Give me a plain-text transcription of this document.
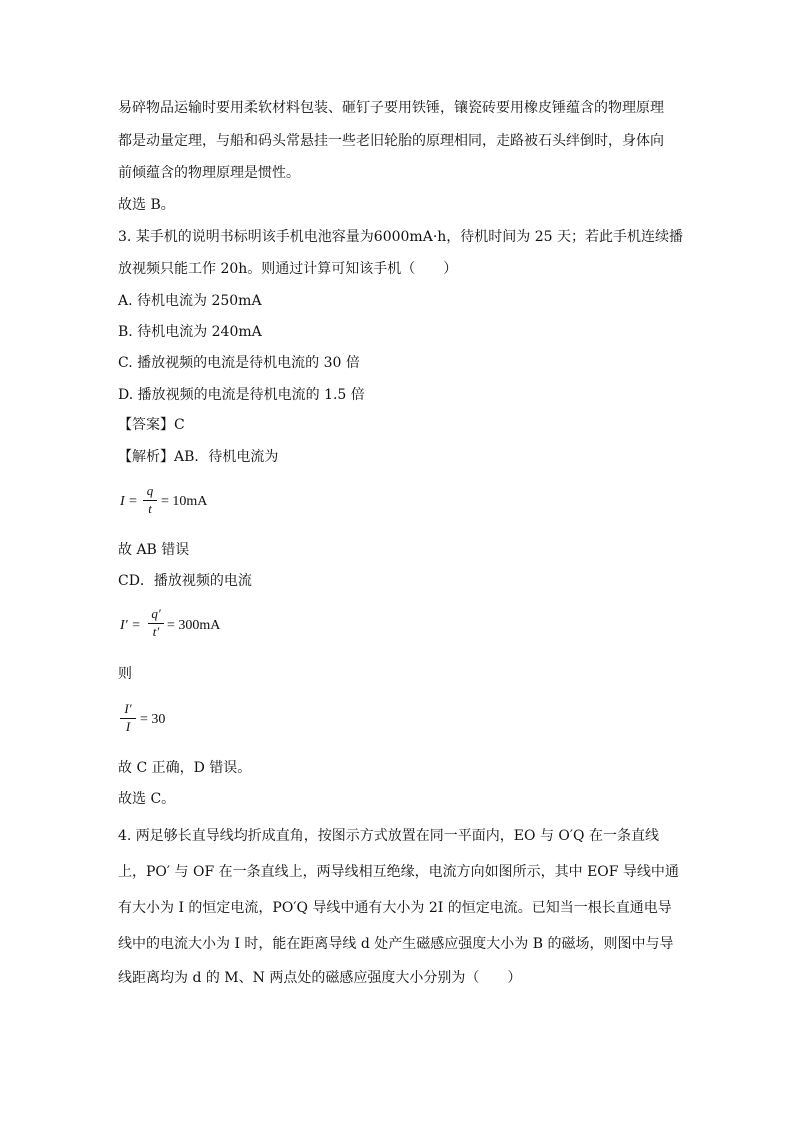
易碎物品运输时要用柔软材料包装、砸钉子要用铁锤，镶瓷砖要用橡皮锤蕴含的物理原理
都是动量定理，与船和码头常悬挂一些老旧轮胎的原理相同，走路被石头绊倒时，身体向
前倾蕴含的物理原理是惯性。
故选 B。
3. 某手机的说明书标明该手机电池容量为6000mA·h，待机时间为 25 天；若此手机连续播
放视频只能工作 20h。则通过计算可知该手机（　　）
A. 待机电流为 250mA
B. 待机电流为 240mA
C. 播放视频的电流是待机电流的 30 倍
D. 播放视频的电流是待机电流的 1.5 倍
【答案】C
【解析】AB．待机电流为
I =
q
t = 10mA
故 AB 错误
CD．播放视频的电流
I′ =
q′
t′ = 300mA
则
I′
I = 30
故 C 正确，D 错误。
故选 C。
4. 两足够长直导线均折成直角，按图示方式放置在同一平面内，EO 与 O′Q 在一条直线
上，PO′ 与 OF 在一条直线上，两导线相互绝缘，电流方向如图所示，其中 EOF 导线中通
有大小为 I 的恒定电流，PO′Q 导线中通有大小为 2I 的恒定电流。已知当一根长直通电导
线中的电流大小为 I 时，能在距离导线 d 处产生磁感应强度大小为 B 的磁场，则图中与导
线距离均为 d 的 M、N 两点处的磁感应强度大小分别为（　　）
